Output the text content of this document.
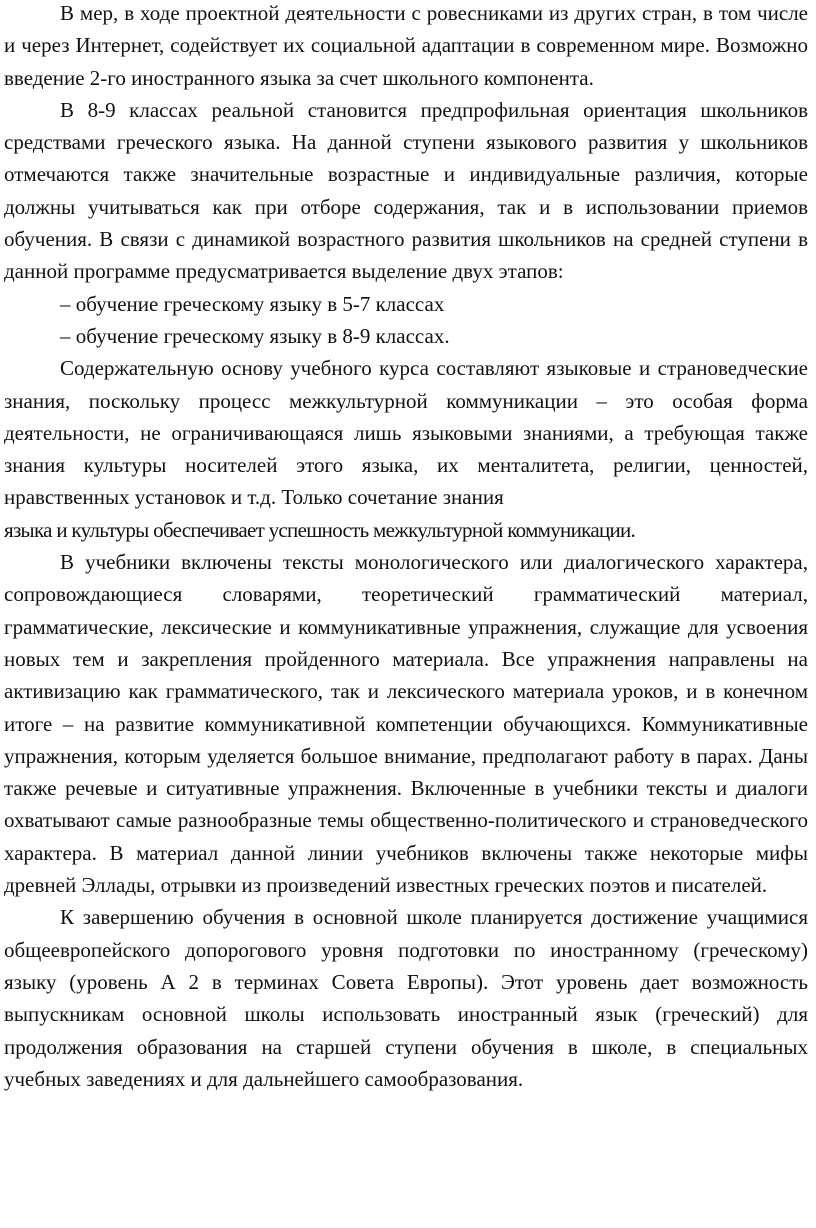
В мер, в ходе проектной деятельности с ровесниками из других стран, в том числе и через Интернет, содействует их социальной адаптации в современном мире. Возможно введение 2-го иностранного языка за счет школьного компонента.

В 8-9 классах реальной становится предпрофильная ориентация школьников средствами греческого языка. На данной ступени языкового развития у школьников отмечаются также значительные возрастные и индивидуальные различия, которые должны учитываться как при отборе содержания, так и в использовании приемов обучения. В связи с динамикой возрастного развития школьников на средней ступени в данной программе предусматривается выделение двух этапов:

– обучение греческому языку в 5-7 классах

– обучение греческому языку в 8-9 классах.

Содержательную основу учебного курса составляют языковые и страноведческие знания, поскольку процесс межкультурной коммуникации – это особая форма деятельности, не ограничивающаяся лишь языковыми знаниями, а требующая также знания культуры носителей этого языка, их менталитета, религии, ценностей, нравственных установок и т.д. Только сочетание знания

языка и культуры обеспечивает успешность межкультурной коммуникации.

В учебники включены тексты монологического или диалогического характера, сопровождающиеся словарями, теоретический грамматический материал, грамматические, лексические и коммуникативные упражнения, служащие для усвоения новых тем и закрепления пройденного материала. Все упражнения направлены на активизацию как грамматического, так и лексического материала уроков, и в конечном итоге – на развитие коммуникативной компетенции обучающихся. Коммуникативные упражнения, которым уделяется большое внимание, предполагают работу в парах. Даны также речевые и ситуативные упражнения. Включенные в учебники тексты и диалоги охватывают самые разнообразные темы общественно-политического и страноведческого характера. В материал данной линии учебников включены также некоторые мифы древней Эллады, отрывки из произведений известных греческих поэтов и писателей.

К завершению обучения в основной школе планируется достижение учащимися общеевропейского допорогового уровня подготовки по иностранному (греческому) языку (уровень А 2 в терминах Совета Европы). Этот уровень дает возможность выпускникам основной школы использовать иностранный язык (греческий) для продолжения образования на старшей ступени обучения в школе, в специальных учебных заведениях и для дальнейшего самообразования.
